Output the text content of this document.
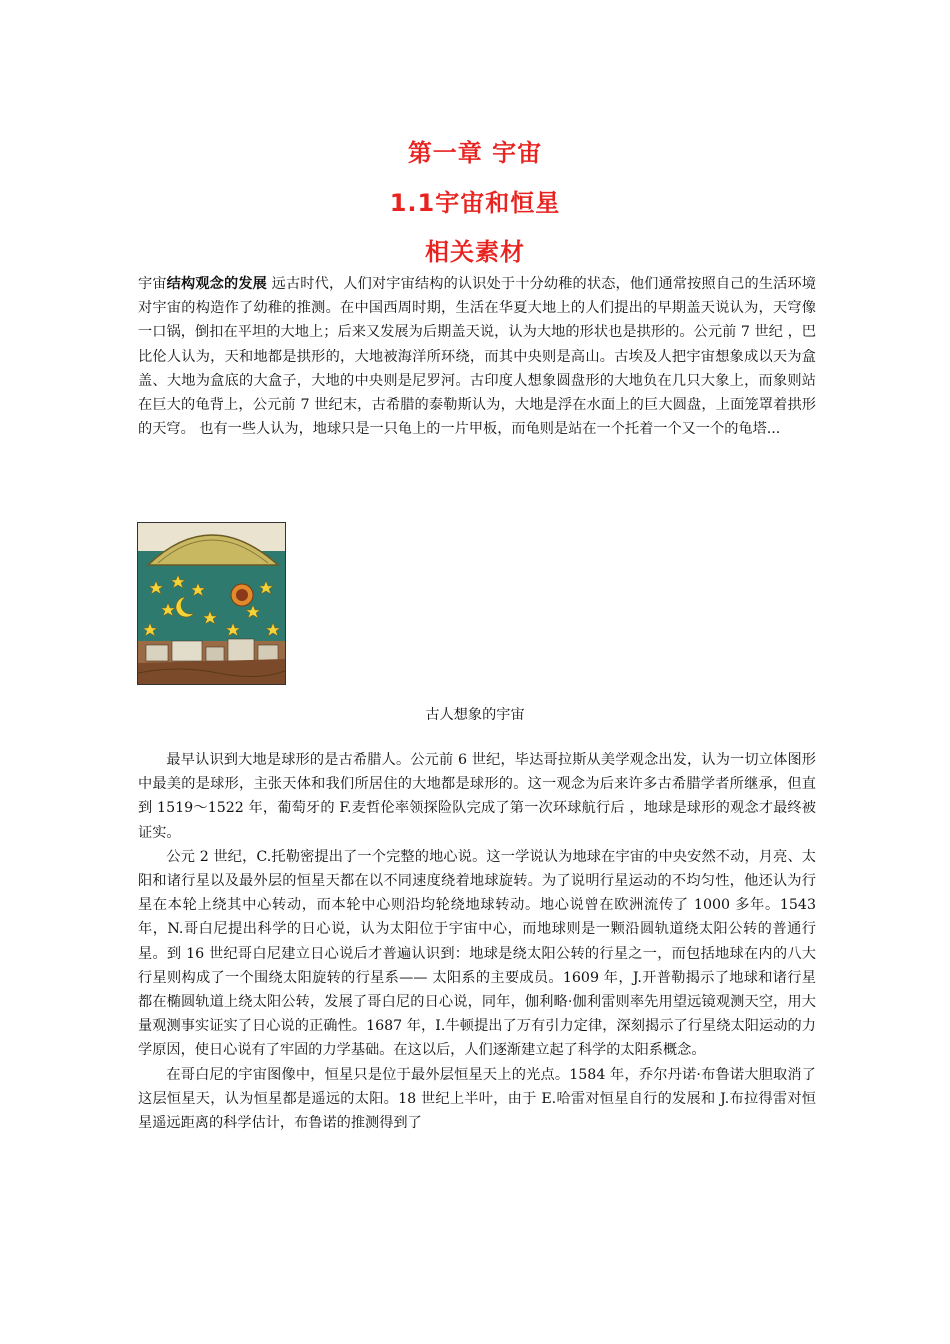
第一章 宇宙
1.1宇宙和恒星
相关素材
宇宙结构观念的发展 远古时代，人们对宇宙结构的认识处于十分幼稚的状态，他们通常按照自己的生活环境对宇宙的构造作了幼稚的推测。在中国西周时期，生活在华夏大地上的人们提出的早期盖天说认为，天穹像一口锅，倒扣在平坦的大地上；后来又发展为后期盖天说，认为大地的形状也是拱形的。公元前 7 世纪 ，巴比伦人认为，天和地都是拱形的，大地被海洋所环绕，而其中央则是高山。古埃及人把宇宙想象成以天为盒盖、大地为盒底的大盒子，大地的中央则是尼罗河。古印度人想象圆盘形的大地负在几只大象上，而象则站在巨大的龟背上，公元前 7 世纪末，古希腊的泰勒斯认为，大地是浮在水面上的巨大圆盘，上面笼罩着拱形的天穹。 也有一些人认为，地球只是一只龟上的一片甲板，而龟则是站在一个托着一个又一个的龟塔...
古人想象的宇宙

最早认识到大地是球形的是古希腊人。公元前 6 世纪，毕达哥拉斯从美学观念出发，认为一切立体图形中最美的是球形，主张天体和我们所居住的大地都是球形的。这一观念为后来许多古希腊学者所继承，但直到 1519～1522 年，葡萄牙的 F.麦哲伦率领探险队完成了第一次环球航行后 ，地球是球形的观念才最终被证实。

公元 2 世纪，C.托勒密提出了一个完整的地心说。这一学说认为地球在宇宙的中央安然不动，月亮、太阳和诸行星以及最外层的恒星天都在以不同速度绕着地球旋转。为了说明行星运动的不均匀性，他还认为行星在本轮上绕其中心转动，而本轮中心则沿均轮绕地球转动。地心说曾在欧洲流传了 1000 多年。1543 年，N.哥白尼提出科学的日心说，认为太阳位于宇宙中心，而地球则是一颗沿圆轨道绕太阳公转的普通行星。到 16 世纪哥白尼建立日心说后才普遍认识到：地球是绕太阳公转的行星之一，而包括地球在内的八大行星则构成了一个围绕太阳旋转的行星系—— 太阳系的主要成员。1609 年，J.开普勒揭示了地球和诸行星都在椭圆轨道上绕太阳公转，发展了哥白尼的日心说，同年，伽利略·伽利雷则率先用望远镜观测天空，用大量观测事实证实了日心说的正确性。1687 年，I.牛顿提出了万有引力定律，深刻揭示了行星绕太阳运动的力学原因，使日心说有了牢固的力学基础。在这以后，人们逐渐建立起了科学的太阳系概念。

在哥白尼的宇宙图像中，恒星只是位于最外层恒星天上的光点。1584 年，乔尔丹诺·布鲁诺大胆取消了这层恒星天，认为恒星都是遥远的太阳。18 世纪上半叶，由于 E.哈雷对恒星自行的发展和 J.布拉得雷对恒星遥远距离的科学估计，布鲁诺的推测得到了
